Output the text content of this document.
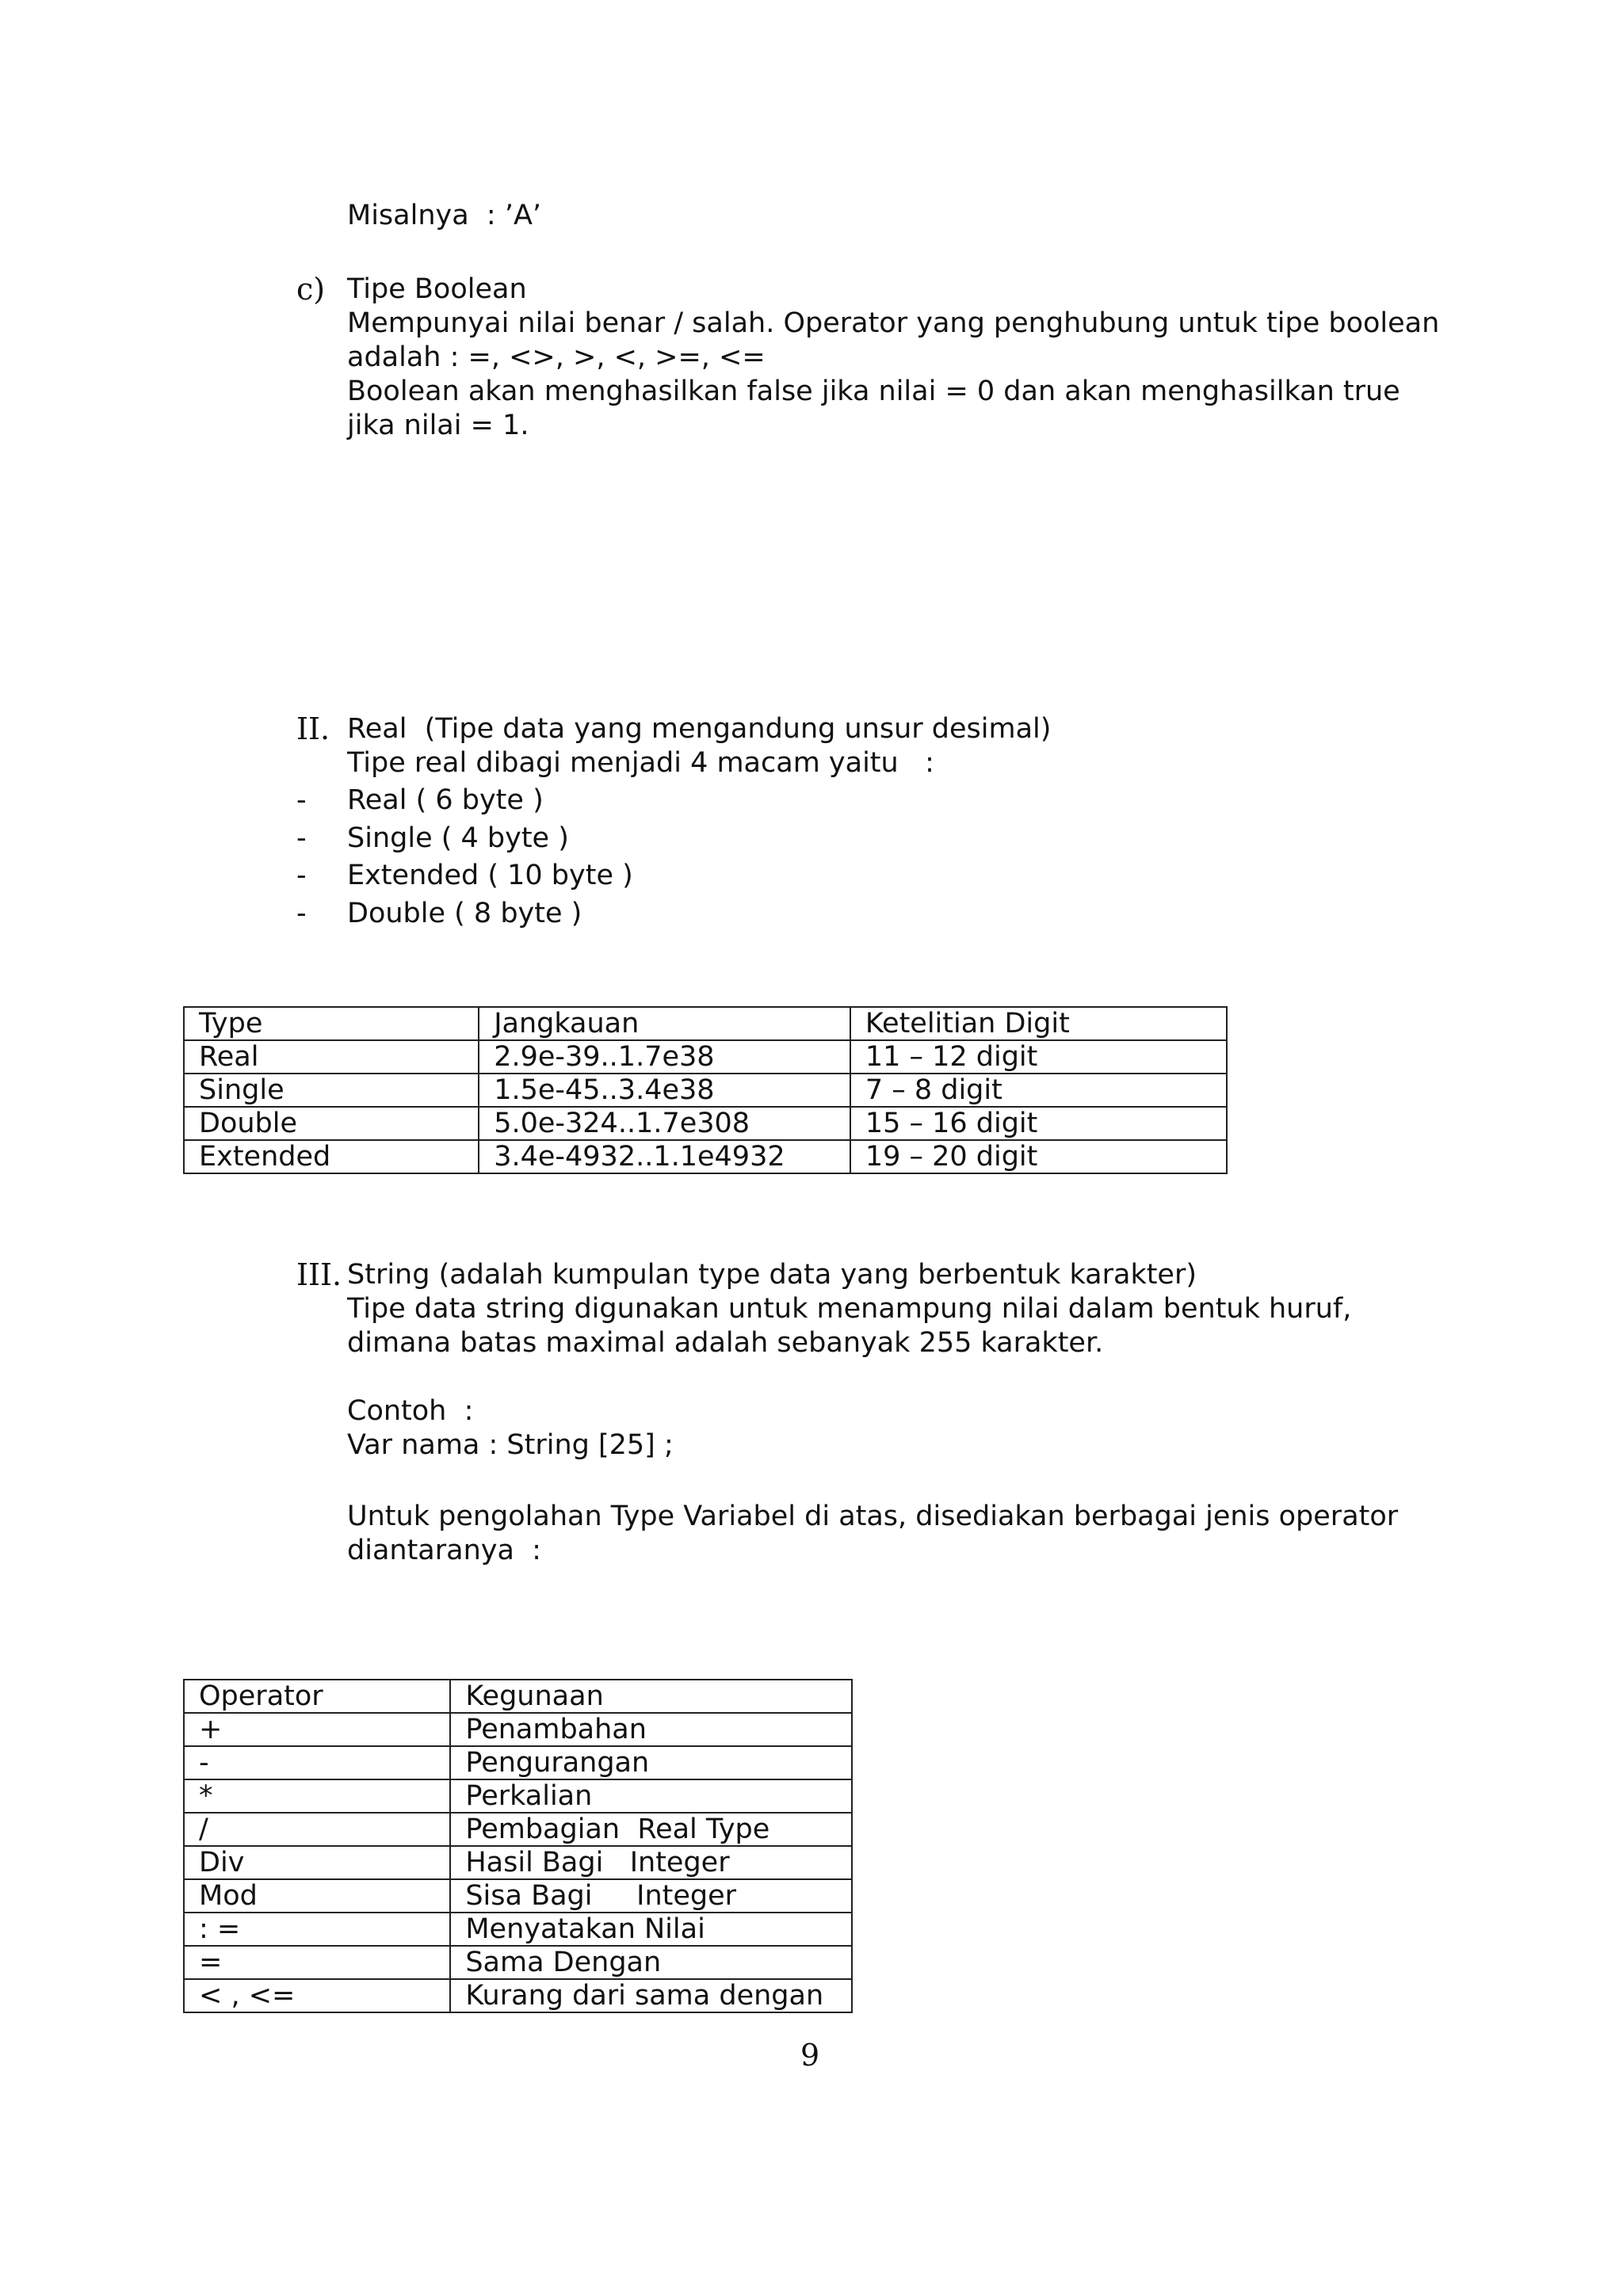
Misalnya  : ’A’
c) Tipe Boolean
Mempunyai nilai benar / salah. Operator yang penghubung untuk tipe boolean
adalah : =, <>, >, <, >=, <=
Boolean akan menghasilkan false jika nilai = 0 dan akan menghasilkan true
jika nilai = 1.
II. Real  (Tipe data yang mengandung unsur desimal)
Tipe real dibagi menjadi 4 macam yaitu   :
- Real ( 6 byte )
- Single ( 4 byte )
- Extended ( 10 byte )
- Double ( 8 byte )
Type	Jangkauan	Ketelitian Digit
Real	2.9e-39..1.7e38	11 – 12 digit
Single	1.5e-45..3.4e38	7 – 8 digit
Double	5.0e-324..1.7e308	15 – 16 digit
Extended	3.4e-4932..1.1e4932	19 – 20 digit
III. String (adalah kumpulan type data yang berbentuk karakter)
Tipe data string digunakan untuk menampung nilai dalam bentuk huruf,
dimana batas maximal adalah sebanyak 255 karakter.
Contoh  :
Var nama : String [25] ;
Untuk pengolahan Type Variabel di atas, disediakan berbagai jenis operator
diantaranya  :
Operator	Kegunaan
+	Penambahan
-	Pengurangan
*	Perkalian
/	Pembagian  Real Type
Div	Hasil Bagi   Integer
Mod	Sisa Bagi     Integer
: =	Menyatakan Nilai
=	Sama Dengan
< , <=	Kurang dari sama dengan
9
